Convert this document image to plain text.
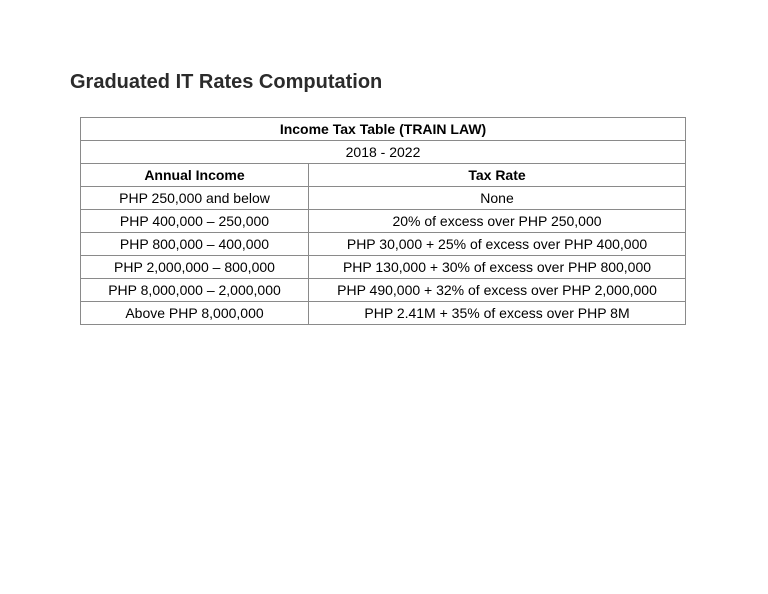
Graduated IT Rates Computation
Income Tax Table (TRAIN LAW)	
2018 - 2022	
Annual Income	Tax Rate
PHP 250,000 and below	None
PHP 400,000 – 250,000	20% of excess over PHP 250,000
PHP 800,000 – 400,000	PHP 30,000 + 25% of excess over PHP 400,000
PHP 2,000,000 – 800,000	PHP 130,000 + 30% of excess over PHP 800,000
PHP 8,000,000 – 2,000,000	PHP 490,000 + 32% of excess over PHP 2,000,000
Above PHP 8,000,000	PHP 2.41M + 35% of excess over PHP 8M
